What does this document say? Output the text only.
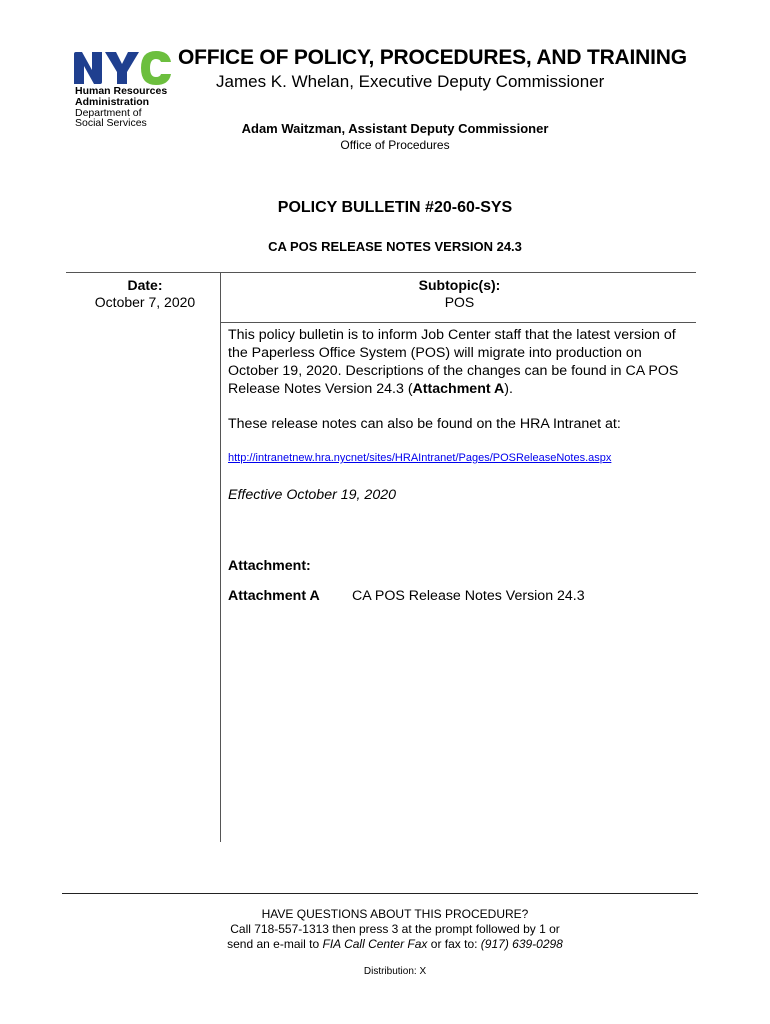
Human Resources
Administration
Department of
Social Services
OFFICE OF POLICY, PROCEDURES, AND TRAINING
James K. Whelan, Executive Deputy Commissioner
Adam Waitzman, Assistant Deputy Commissioner
Office of Procedures
POLICY BULLETIN #20-60-SYS
CA POS RELEASE NOTES VERSION 24.3
Date:
October 7, 2020
Subtopic(s):
POS
This policy bulletin is to inform Job Center staff that the latest version of the Paperless Office System (POS) will migrate into production on October 19, 2020. Descriptions of the changes can be found in CA POS Release Notes Version 24.3 (Attachment A).
These release notes can also be found on the HRA Intranet at:
http://intranetnew.hra.nycnet/sites/HRAIntranet/Pages/POSReleaseNotes.aspx
Effective October 19, 2020
Attachment:
Attachment A CA POS Release Notes Version 24.3
HAVE QUESTIONS ABOUT THIS PROCEDURE?
Call 718-557-1313 then press 3 at the prompt followed by 1 or
send an e-mail to FIA Call Center Fax or fax to: (917) 639-0298
Distribution: X
